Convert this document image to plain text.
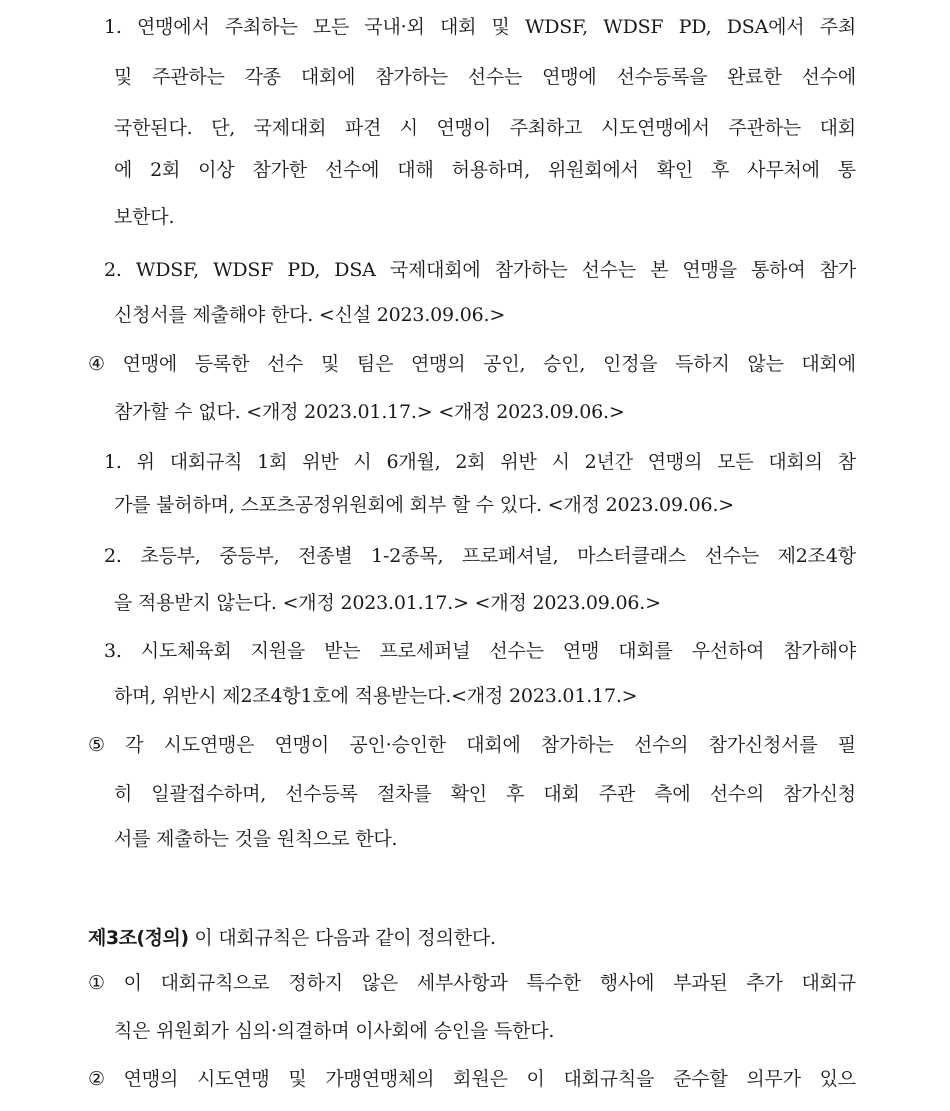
1. 연맹에서 주최하는 모든 국내·외 대회 및 WDSF, WDSF PD, DSA에서 주최
및 주관하는 각종 대회에 참가하는 선수는 연맹에 선수등록을 완료한 선수에
국한된다. 단, 국제대회 파견 시 연맹이 주최하고 시도연맹에서 주관하는 대회
에 2회 이상 참가한 선수에 대해 허용하며, 위원회에서 확인 후 사무처에 통
보한다.
2. WDSF, WDSF PD, DSA 국제대회에 참가하는 선수는 본 연맹을 통하여 참가
신청서를 제출해야 한다. <신설 2023.09.06.>
④ 연맹에 등록한 선수 및 팀은 연맹의 공인, 승인, 인정을 득하지 않는 대회에
참가할 수 없다. <개정 2023.01.17.> <개정 2023.09.06.>
1. 위 대회규칙 1회 위반 시 6개월, 2회 위반 시 2년간 연맹의 모든 대회의 참
가를 불허하며, 스포츠공정위원회에 회부 할 수 있다. <개정 2023.09.06.>
2. 초등부, 중등부, 전종별 1-2종목, 프로페셔널, 마스터클래스 선수는 제2조4항
을 적용받지 않는다. <개정 2023.01.17.> <개정 2023.09.06.>
3. 시도체육회 지원을 받는 프로세퍼널 선수는 연맹 대회를 우선하여 참가해야
하며, 위반시 제2조4항1호에 적용받는다.<개정 2023.01.17.>
⑤ 각 시도연맹은 연맹이 공인·승인한 대회에 참가하는 선수의 참가신청서를 필
히 일괄접수하며, 선수등록 절차를 확인 후 대회 주관 측에 선수의 참가신청
서를 제출하는 것을 원칙으로 한다.
제3조(정의) 이 대회규칙은 다음과 같이 정의한다.
① 이 대회규칙으로 정하지 않은 세부사항과 특수한 행사에 부과된 추가 대회규
칙은 위원회가 심의·의결하며 이사회에 승인을 득한다.
② 연맹의 시도연맹 및 가맹연맹체의 회원은 이 대회규칙을 준수할 의무가 있으
